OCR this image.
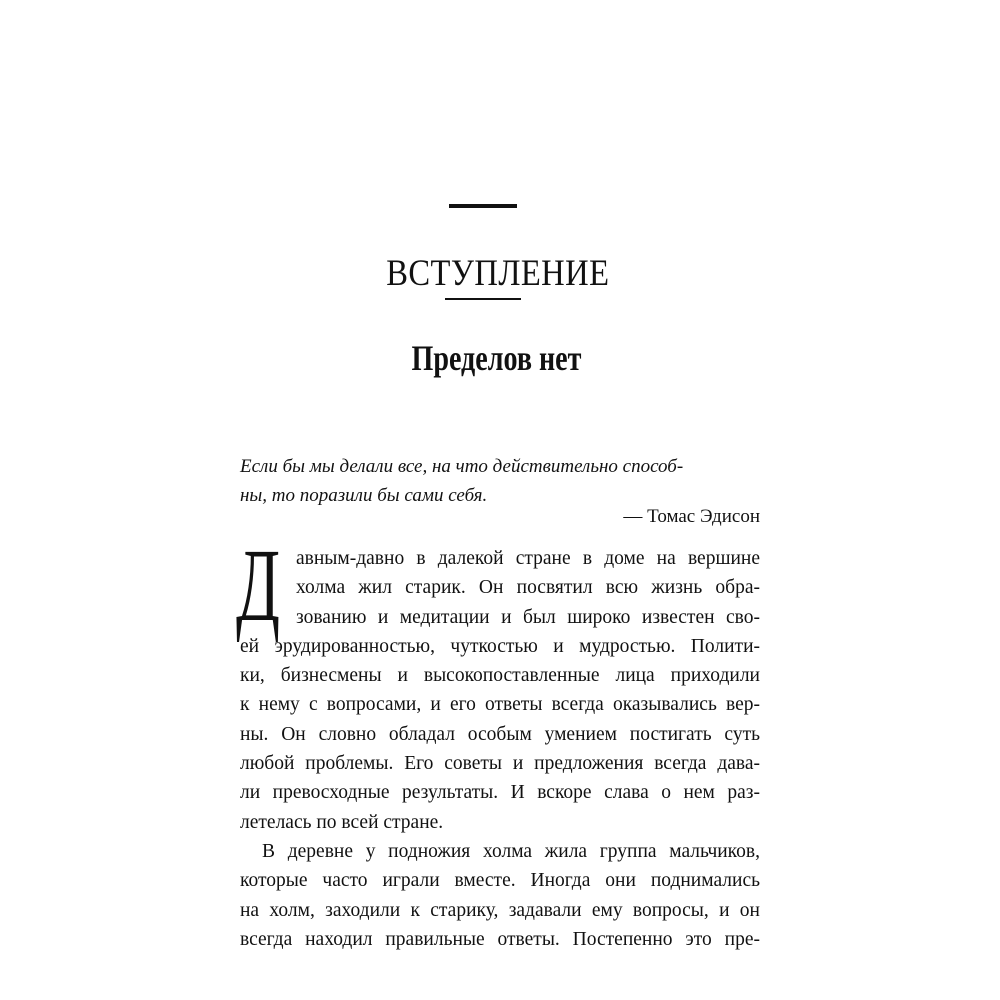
ВСТУПЛЕНИЕ
Пределов нет
Если бы мы делали все, на что действительно способ-
ны, то поразили бы сами себя.
— Томас Эдисон
Д авным-давно в далекой стране в доме на вершине
холма жил старик. Он посвятил всю жизнь обра-
зованию и медитации и был широко известен сво-
ей эрудированностью, чуткостью и мудростью. Полити-
ки, бизнесмены и высокопоставленные лица приходили
к нему с вопросами, и его ответы всегда оказывались вер-
ны. Он словно обладал особым умением постигать суть
любой проблемы. Его советы и предложения всегда дава-
ли превосходные результаты. И вскоре слава о нем раз-
летелась по всей стране.
В деревне у подножия холма жила группа мальчиков,
которые часто играли вместе. Иногда они поднимались
на холм, заходили к старику, задавали ему вопросы, и он
всегда находил правильные ответы. Постепенно это пре-
